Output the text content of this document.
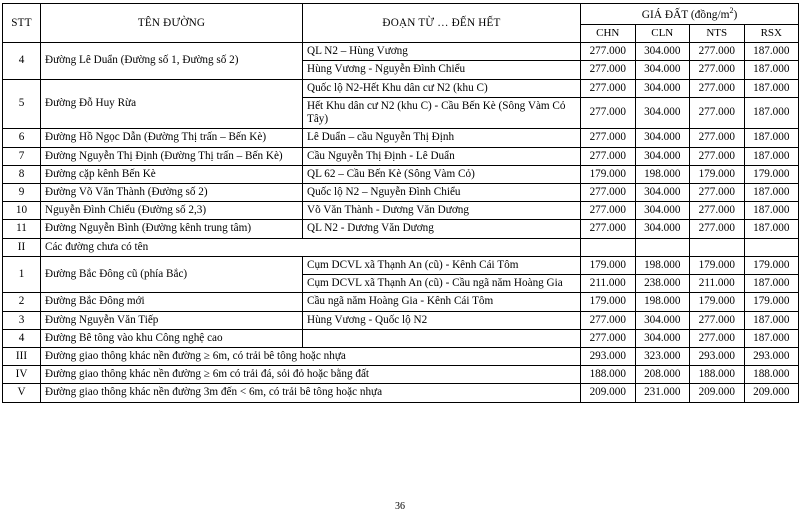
STT	TÊN ĐƯỜNG	ĐOẠN TỪ … ĐẾN HẾT	GIÁ ĐẤT $(đồng/m^2)$			
			CHN	CLN	NTS	RSX
4	Đường Lê Duẩn (Đường số 1, Đường số 2)	QL N2 – Hùng Vương	277.000	304.000	277.000	187.000
		Hùng Vương - Nguyễn Đình Chiểu	277.000	304.000	277.000	187.000
5	Đường Đỗ Huy Rừa	Quốc lộ N2-Hết Khu dân cư N2 (khu C)	277.000	304.000	277.000	187.000
		Hết Khu dân cư N2 (khu C) - Cầu Bến Kè (Sông Vàm Cỏ Tây)	277.000	304.000	277.000	187.000
6	Đường Hồ Ngọc Dẫn (Đường Thị trấn – Bến Kè)	Lê Duẩn – cầu Nguyễn Thị Định	277.000	304.000	277.000	187.000
7	Đường Nguyễn Thị Định (Đường Thị trấn – Bến Kè)	Cầu Nguyễn Thị Định - Lê Duẩn	277.000	304.000	277.000	187.000
8	Đường cặp kênh Bến Kè	QL 62 – Cầu Bến Kè (Sông Vàm Cỏ)	179.000	198.000	179.000	179.000
9	Đường Võ Văn Thành (Đường số 2)	Quốc lộ N2 – Nguyễn Đình Chiểu	277.000	304.000	277.000	187.000
10	Nguyễn Đình Chiểu (Đường số 2,3)	Võ Văn Thành - Dương Văn Dương	277.000	304.000	277.000	187.000
11	Đường Nguyễn Bình (Đường kênh trung tâm)	QL N2 - Dương Văn Dương	277.000	304.000	277.000	187.000
II	Các đường chưa có tên					
1	Đường Bắc Đông cũ (phía Bắc)	Cụm DCVL xã Thạnh An (cũ) - Kênh Cái Tôm	179.000	198.000	179.000	179.000
		Cụm DCVL xã Thạnh An (cũ) - Cầu ngã năm Hoàng Gia	211.000	238.000	211.000	187.000
2	Đường Bắc Đông mới	Cầu ngã năm Hoàng Gia - Kênh Cái Tôm	179.000	198.000	179.000	179.000
3	Đường Nguyễn Văn Tiếp	Hùng Vương - Quốc lộ N2	277.000	304.000	277.000	187.000
4	Đường Bê tông vào khu Công nghệ cao		277.000	304.000	277.000	187.000
III	Đường giao thông khác nền đường ≥ 6m, có trải bê tông hoặc nhựa		293.000	323.000	293.000	293.000
IV	Đường giao thông khác nền đường ≥ 6m có trải đá, sỏi đỏ hoặc bằng đất		188.000	208.000	188.000	188.000
V	Đường giao thông khác nền đường 3m đến < 6m, có trải bê tông hoặc nhựa		209.000	231.000	209.000	209.000
36
